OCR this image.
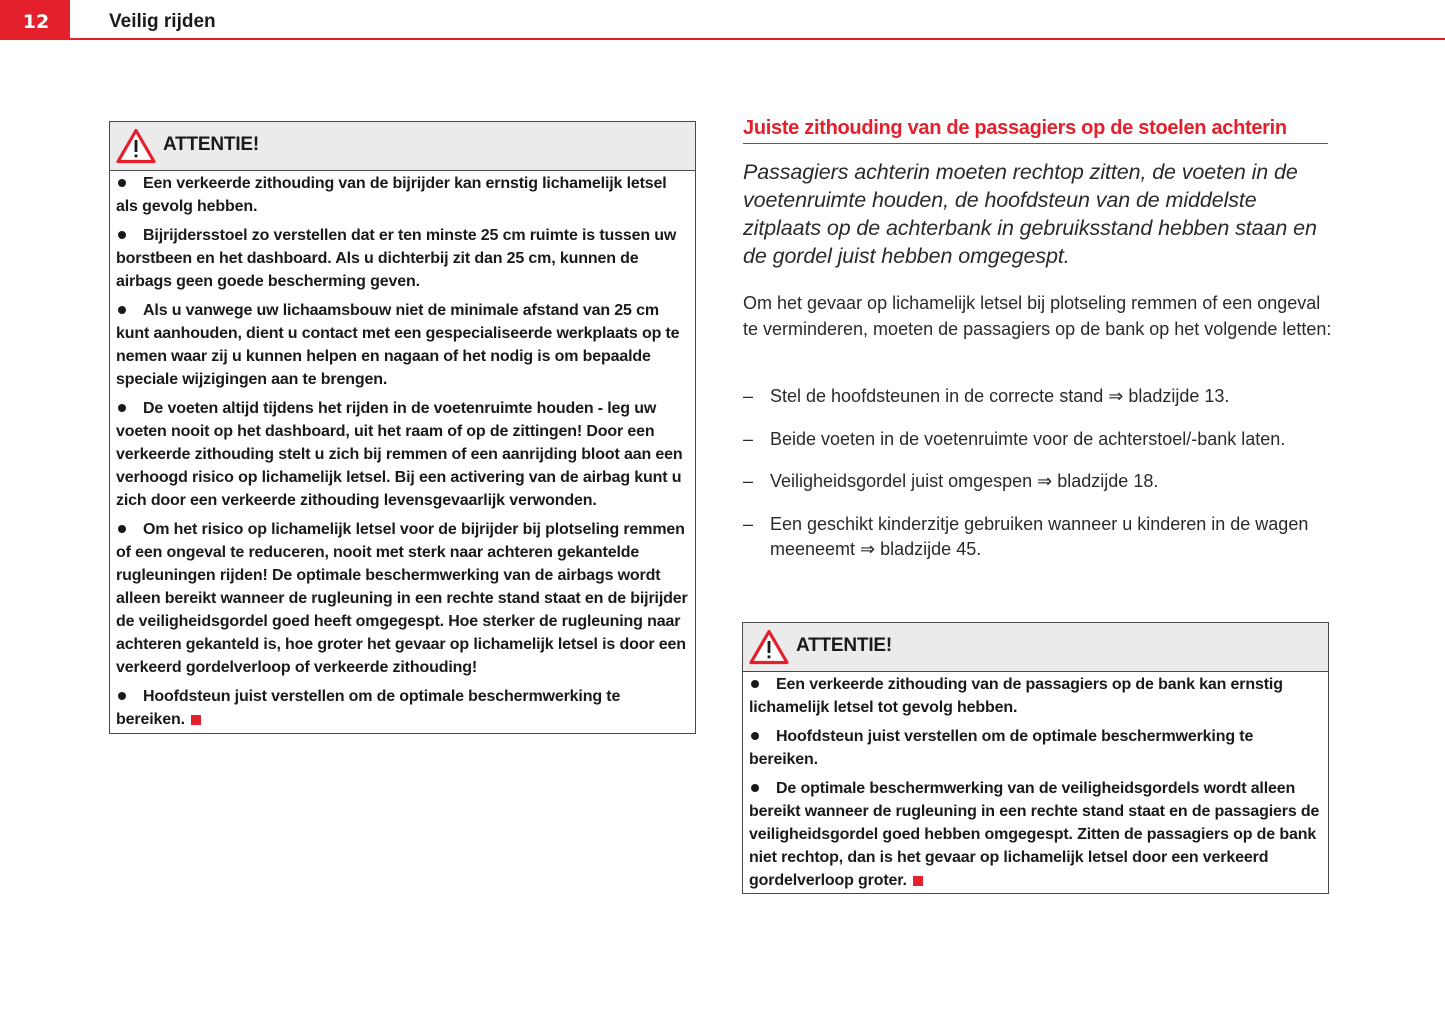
12	Veilig rijden
ATTENTIE!
Een verkeerde zithouding van de bijrijder kan ernstig lichamelijk letsel als gevolg hebben.
Bijrijdersstoel zo verstellen dat er ten minste 25 cm ruimte is tussen uw borstbeen en het dashboard. Als u dichterbij zit dan 25 cm, kunnen de airbags geen goede bescherming geven.
Als u vanwege uw lichaamsbouw niet de minimale afstand van 25 cm kunt aanhouden, dient u contact met een gespecialiseerde werkplaats op te nemen waar zij u kunnen helpen en nagaan of het nodig is om bepaalde speciale wijzigingen aan te brengen.
De voeten altijd tijdens het rijden in de voetenruimte houden - leg uw voeten nooit op het dashboard, uit het raam of op de zittingen! Door een verkeerde zithouding stelt u zich bij remmen of een aanrijding bloot aan een verhoogd risico op lichamelijk letsel. Bij een activering van de airbag kunt u zich door een verkeerde zithouding levensgevaarlijk verwonden.
Om het risico op lichamelijk letsel voor de bijrijder bij plotseling remmen of een ongeval te reduceren, nooit met sterk naar achteren gekantelde rugleuningen rijden! De optimale beschermwerking van de airbags wordt alleen bereikt wanneer de rugleuning in een rechte stand staat en de bijrijder de veiligheidsgordel goed heeft omgegespt. Hoe sterker de rugleuning naar achteren gekanteld is, hoe groter het gevaar op lichamelijk letsel is door een verkeerd gordelverloop of verkeerde zithouding!
Hoofdsteun juist verstellen om de optimale beschermwerking te bereiken.
Juiste zithouding van de passagiers op de stoelen achterin
Passagiers achterin moeten rechtop zitten, de voeten in de voetenruimte houden, de hoofdsteun van de middelste zitplaats op de achterbank in gebruiksstand hebben staan en de gordel juist hebben omgegespt.
Om het gevaar op lichamelijk letsel bij plotseling remmen of een ongeval te verminderen, moeten de passagiers op de bank op het volgende letten:
– Stel de hoofdsteunen in de correcte stand ⇒ bladzijde 13.
– Beide voeten in de voetenruimte voor de achterstoel/-bank laten.
– Veiligheidsgordel juist omgespen ⇒ bladzijde 18.
– Een geschikt kinderzitje gebruiken wanneer u kinderen in de wagen meeneemt ⇒ bladzijde 45.
ATTENTIE!
Een verkeerde zithouding van de passagiers op de bank kan ernstig lichamelijk letsel tot gevolg hebben.
Hoofdsteun juist verstellen om de optimale beschermwerking te bereiken.
De optimale beschermwerking van de veiligheidsgordels wordt alleen bereikt wanneer de rugleuning in een rechte stand staat en de passagiers de veiligheidsgordel goed hebben omgegespt. Zitten de passagiers op de bank niet rechtop, dan is het gevaar op lichamelijk letsel door een verkeerd gordelverloop groter.
